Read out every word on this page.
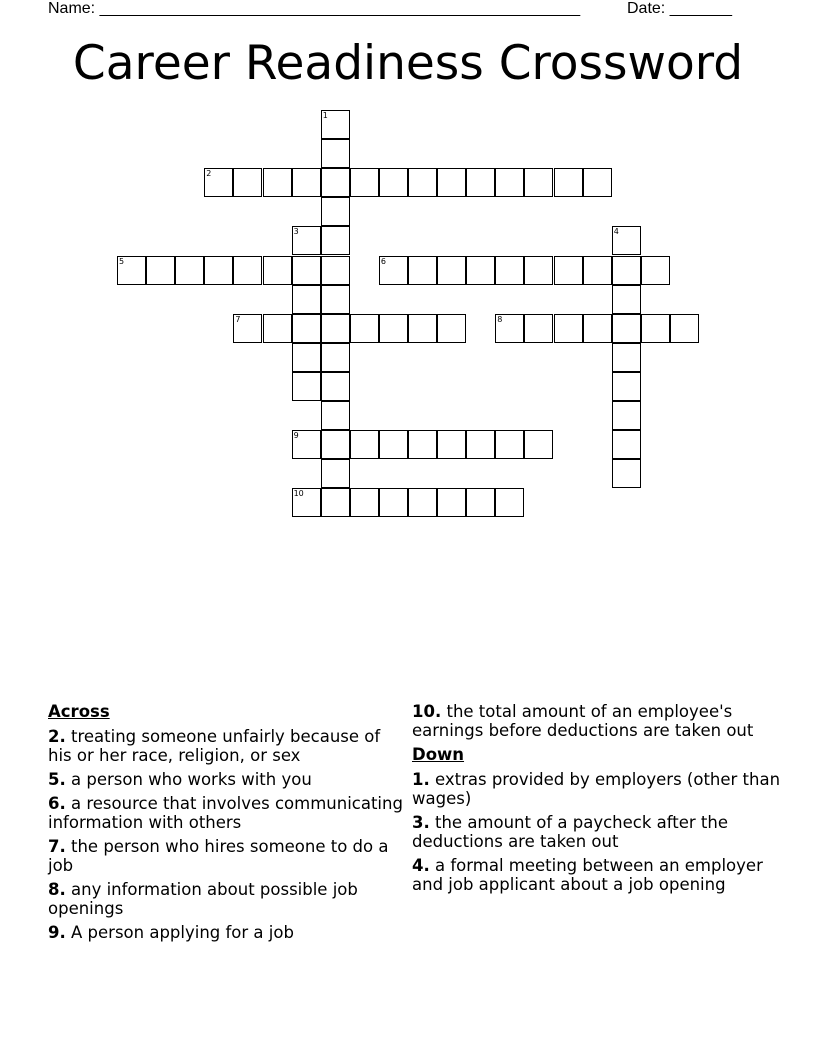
Name: ______________________________________________________	Date: _______
Career Readiness Crossword
1
2
3	4
5	6
7	8
9
10
Across
2. treating someone unfairly because of his or her race, religion, or sex
5. a person who works with you
6. a resource that involves communicating information with others
7. the person who hires someone to do a job
8. any information about possible job openings
9. A person applying for a job
10. the total amount of an employee's earnings before deductions are taken out
Down
1. extras provided by employers (other than wages)
3. the amount of a paycheck after the deductions are taken out
4. a formal meeting between an employer and job applicant about a job opening
